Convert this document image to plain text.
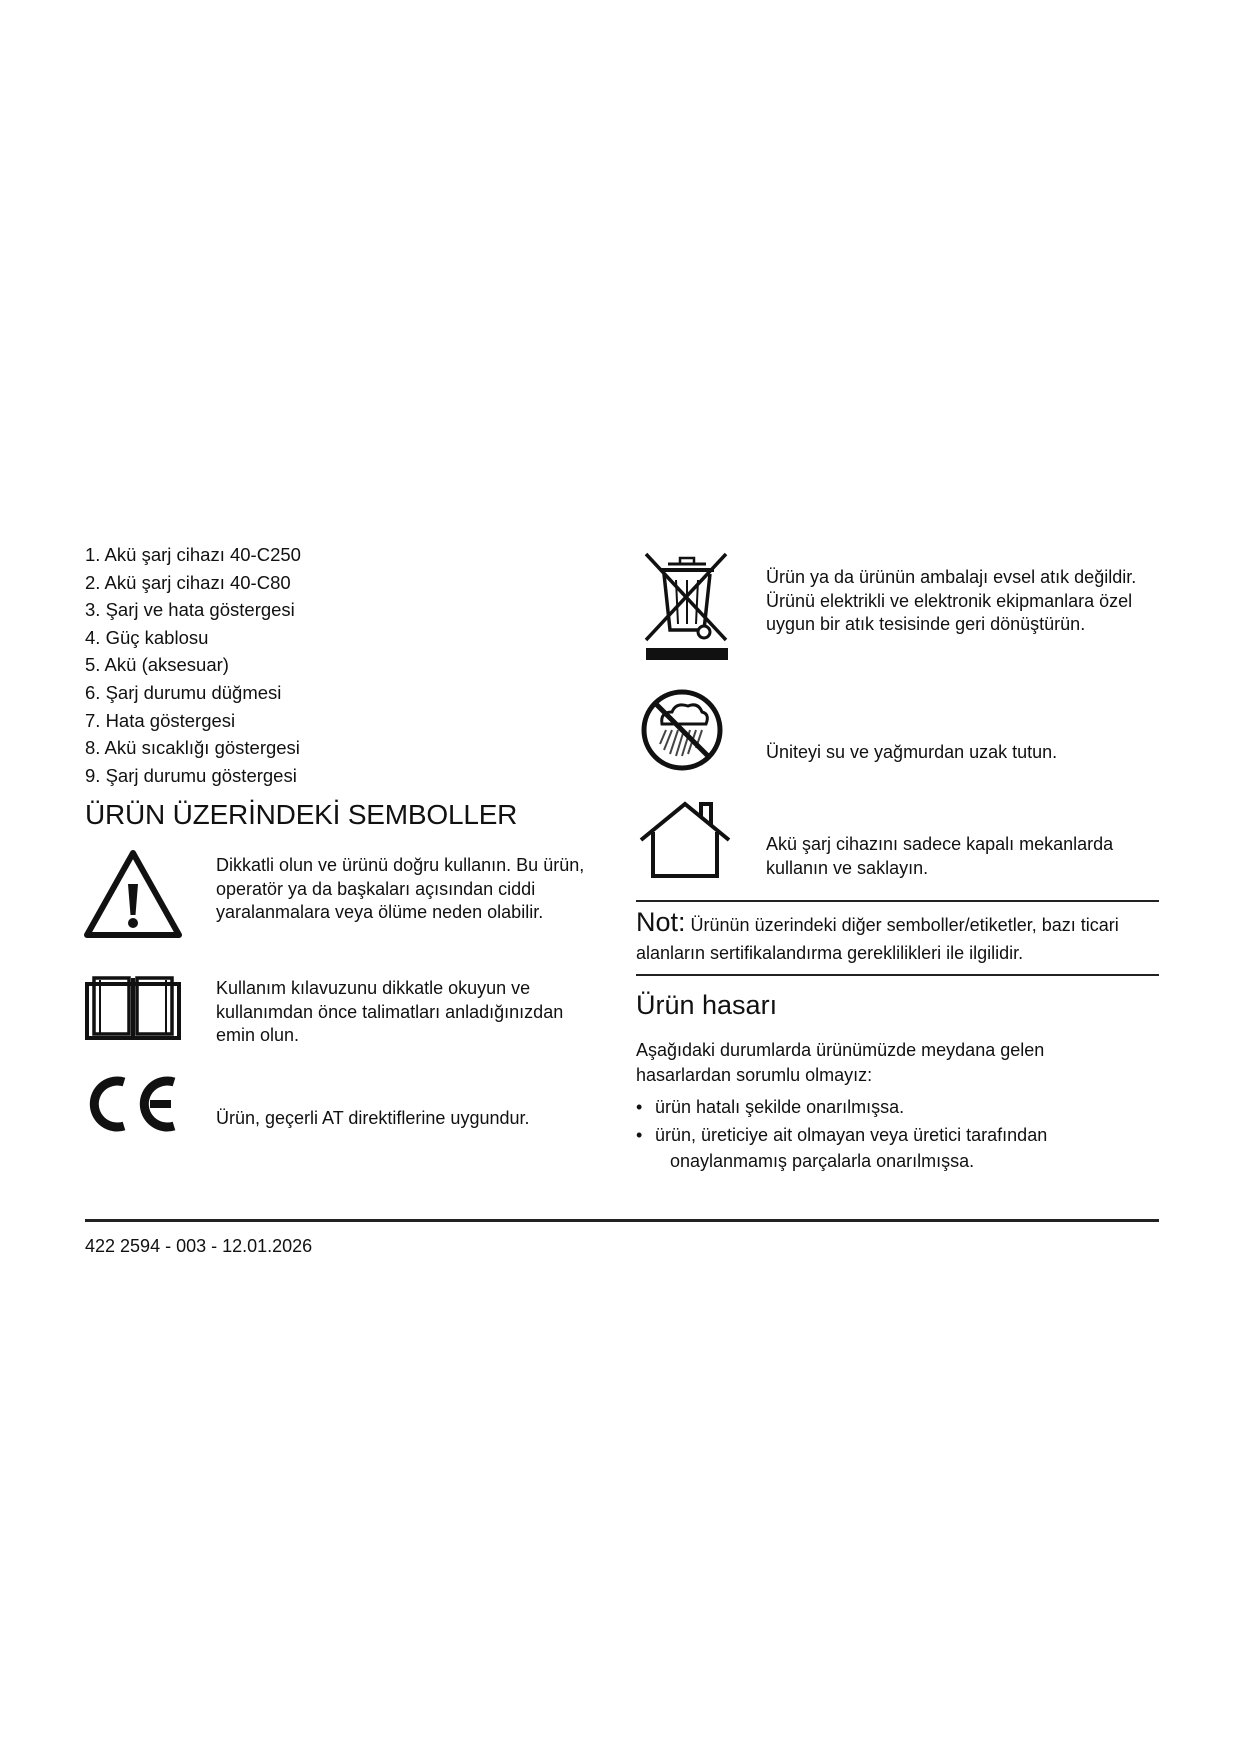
1. Akü şarj cihazı 40-C250
2. Akü şarj cihazı 40-C80
3. Şarj ve hata göstergesi
4. Güç kablosu
5. Akü (aksesuar)
6. Şarj durumu düğmesi
7. Hata göstergesi
8. Akü sıcaklığı göstergesi
9. Şarj durumu göstergesi
ÜRÜN ÜZERİNDEKİ SEMBOLLER
Dikkatli olun ve ürünü doğru kullanın. Bu ürün, operatör ya da başkaları açısından ciddi yaralanmalara veya ölüme neden olabilir.
Kullanım kılavuzunu dikkatle okuyun ve kullanımdan önce talimatları anladığınızdan emin olun.
Ürün, geçerli AT direktiflerine uygundur.
Ürün ya da ürünün ambalajı evsel atık değildir. Ürünü elektrikli ve elektronik ekipmanlara özel uygun bir atık tesisinde geri dönüştürün.
Üniteyi su ve yağmurdan uzak tutun.
Akü şarj cihazını sadece kapalı mekanlarda kullanın ve saklayın.
Not: Ürünün üzerindeki diğer semboller/etiketler, bazı ticari alanların sertifikalandırma gereklilikleri ile ilgilidir.
Ürün hasarı
Aşağıdaki durumlarda ürünümüzde meydana gelen hasarlardan sorumlu olmayız:
• ürün hatalı şekilde onarılmışsa.
• ürün, üreticiye ait olmayan veya üretici tarafından onaylanmamış parçalarla onarılmışsa.
422 2594 - 003 - 12.01.2026
